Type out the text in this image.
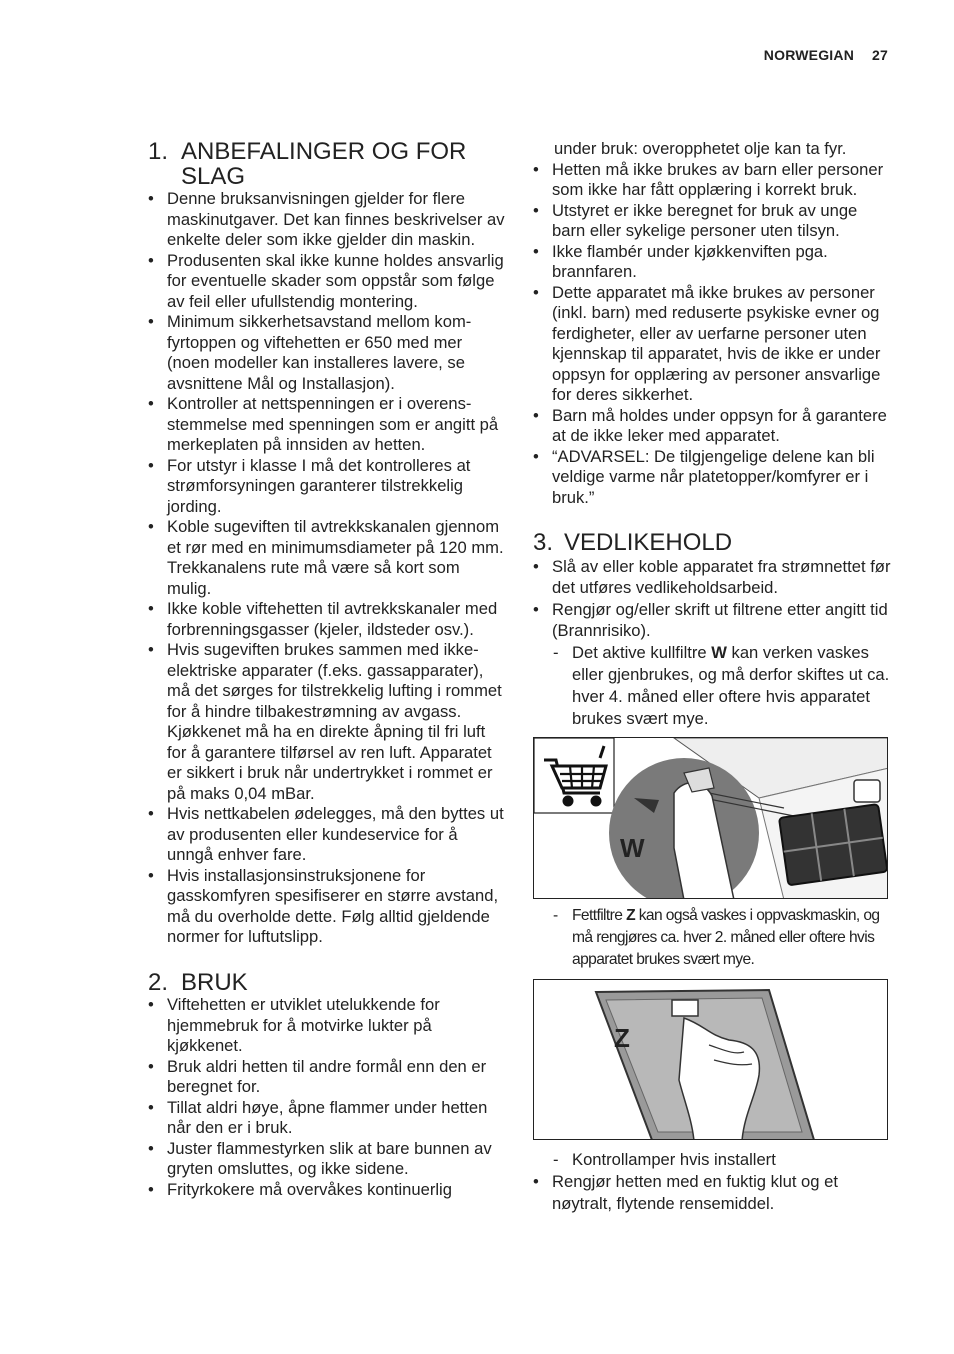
NORWEGIAN 27
1. ANBEFALINGER OG FOR
SLAG
• Denne bruksanvisningen gjelder for flere maskinutgaver. Det kan finnes beskrivelser av enkelte deler som ikke gjelder din maskin.
• Produsenten skal ikke kunne holdes ansvarlig for eventuelle skader som oppstår som følge av feil eller ufullstendig montering.
• Minimum sikkerhetsavstand mellom komfyrtoppen og viftehetten er 650 med mer (noen modeller kan installeres lavere, se avsnittene Mål og Installasjon).
• Kontroller at nettspenningen er i overensstemmelse med spenningen som er angitt på merkeplaten på innsiden av hetten.
• For utstyr i klasse I må det kontrolleres at strømforsyningen garanterer tilstrekkelig jording.
• Koble sugeviften til avtrekkskanalen gjennom et rør med en minimumsdiameter på 120 mm. Trekkanalens rute må være så kort som mulig.
• Ikke koble viftehetten til avtrekkskanaler med forbrenningsgasser (kjeler, ildsteder osv.).
• Hvis sugeviften brukes sammen med ikke-elektriske apparater (f.eks. gassapparater), må det sørges for tilstrekkelig lufting i rommet for å hindre tilbakestrømning av avgass. Kjøkkenet må ha en direkte åpning til fri luft for å garantere tilførsel av ren luft. Apparatet er sikkert i bruk når undertrykket i rommet er på maks 0,04 mBar.
• Hvis nettkabelen ødelegges, må den byttes ut av produsenten eller kundeservice for å unngå enhver fare.
• Hvis installasjonsinstruksjonene for gasskomfyren spesifiserer en større avstand, må du overholde dette. Følg alltid gjeldende normer for luftutslipp.
2. BRUK
• Viftehetten er utviklet utelukkende for hjemmebruk for å motvirke lukter på kjøkkenet.
• Bruk aldri hetten til andre formål enn den er beregnet for.
• Tillat aldri høye, åpne flammer under hetten når den er i bruk.
• Juster flammestyrken slik at bare bunnen av gryten omsluttes, og ikke sidene.
• Frityrkokere må overvåkes kontinuerlig
under bruk: overopphetet olje kan ta fyr.
• Hetten må ikke brukes av barn eller personer som ikke har fått opplæring i korrekt bruk.
• Utstyret er ikke beregnet for bruk av unge barn eller sykelige personer uten tilsyn.
• Ikke flambér under kjøkkenviften pga. brannfaren.
• Dette apparatet må ikke brukes av personer (inkl. barn) med reduserte psykiske evner og ferdigheter, eller av uerfarne personer uten kjennskap til apparatet, hvis de ikke er under oppsyn for opplæring av personer ansvarlige for deres sikkerhet.
• Barn må holdes under oppsyn for å garantere at de ikke leker med apparatet.
• “ADVARSEL: De tilgjengelige delene kan bli veldige varme når platetopper/komfyrer er i bruk.”
3. VEDLIKEHOLD
• Slå av eller koble apparatet fra strømnettet før det utføres vedlikeholdsarbeid.
• Rengjør og/eller skrift ut filtrene etter angitt tid (Brannrisiko).
- Det aktive kullfiltre W kan verken vaskes eller gjenbrukes, og må derfor skiftes ut ca. hver 4. måned eller oftere hvis apparatet brukes svært mye.
W
- Fettfiltre Z kan også vaskes i oppvaskmaskin, og må rengjøres ca. hver 2. måned eller oftere hvis apparatet brukes svært mye.
Z
- Kontrollamper hvis installert
• Rengjør hetten med en fuktig klut og et nøytralt, flytende rensemiddel.
